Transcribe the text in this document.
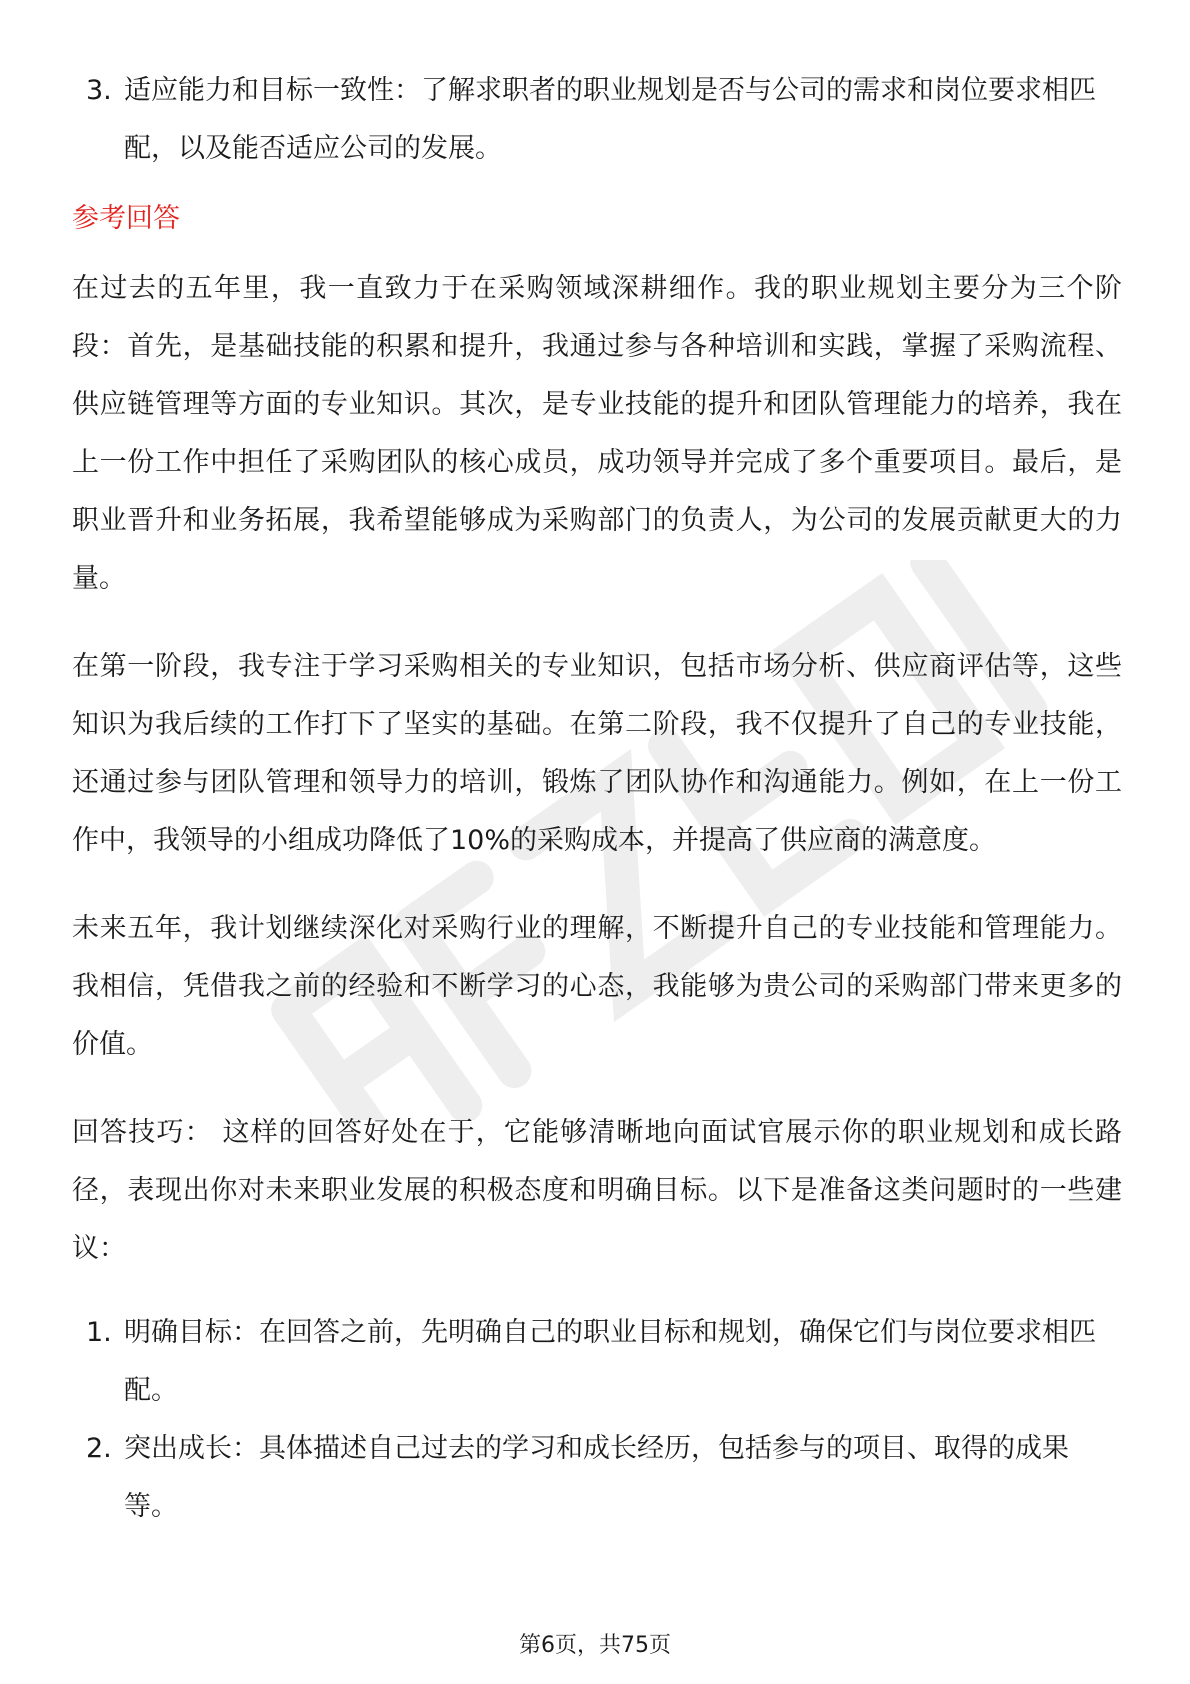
3. 适应能力和目标一致性：了解求职者的职业规划是否与公司的需求和岗位要求相匹配，以及能否适应公司的发展。
参考回答

在过去的五年里，我一直致力于在采购领域深耕细作。我的职业规划主要分为三个阶段：首先，是基础技能的积累和提升，我通过参与各种培训和实践，掌握了采购流程、供应链管理等方面的专业知识。其次，是专业技能的提升和团队管理能力的培养，我在上一份工作中担任了采购团队的核心成员，成功领导并完成了多个重要项目。最后，是职业晋升和业务拓展，我希望能够成为采购部门的负责人，为公司的发展贡献更大的力量。

在第一阶段，我专注于学习采购相关的专业知识，包括市场分析、供应商评估等，这些知识为我后续的工作打下了坚实的基础。在第二阶段，我不仅提升了自己的专业技能，还通过参与团队管理和领导力的培训，锻炼了团队协作和沟通能力。例如，在上一份工作中，我领导的小组成功降低了10%的采购成本，并提高了供应商的满意度。

未来五年，我计划继续深化对采购行业的理解，不断提升自己的专业技能和管理能力。我相信，凭借我之前的经验和不断学习的心态，我能够为贵公司的采购部门带来更多的价值。

回答技巧： 这样的回答好处在于，它能够清晰地向面试官展示你的职业规划和成长路径，表现出你对未来职业发展的积极态度和明确目标。以下是准备这类问题时的一些建议：

1. 明确目标：在回答之前，先明确自己的职业目标和规划，确保它们与岗位要求相匹配。
2. 突出成长：具体描述自己过去的学习和成长经历，包括参与的项目、取得的成果等。
第6页，共75页
